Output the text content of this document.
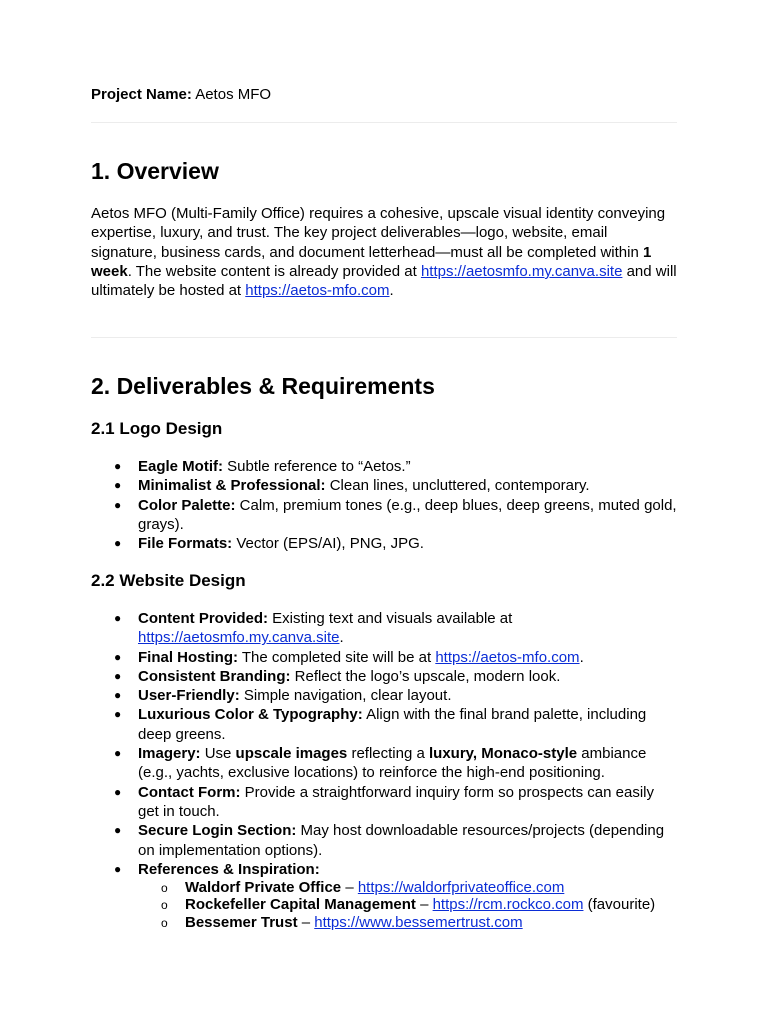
Project Name: Aetos MFO

1. Overview

Aetos MFO (Multi-Family Office) requires a cohesive, upscale visual identity conveying expertise, luxury, and trust. The key project deliverables—logo, website, email signature, business cards, and document letterhead—must all be completed within 1 week. The website content is already provided at https://aetosmfo.my.canva.site and will ultimately be hosted at https://aetos-mfo.com.

2. Deliverables & Requirements
2.1 Logo Design
● Eagle Motif: Subtle reference to “Aetos.”
● Minimalist & Professional: Clean lines, uncluttered, contemporary.
● Color Palette: Calm, premium tones (e.g., deep blues, deep greens, muted gold, grays).
● File Formats: Vector (EPS/AI), PNG, JPG.
2.2 Website Design
● Content Provided: Existing text and visuals available at https://aetosmfo.my.canva.site.
● Final Hosting: The completed site will be at https://aetos-mfo.com.
● Consistent Branding: Reflect the logo’s upscale, modern look.
● User-Friendly: Simple navigation, clear layout.
● Luxurious Color & Typography: Align with the final brand palette, including deep greens.
● Imagery: Use upscale images reflecting a luxury, Monaco-style ambiance (e.g., yachts, exclusive locations) to reinforce the high-end positioning.
● Contact Form: Provide a straightforward inquiry form so prospects can easily get in touch.
● Secure Login Section: May host downloadable resources/projects (depending on implementation options).
● References & Inspiration:
o Waldorf Private Office – https://waldorfprivateoffice.com
o Rockefeller Capital Management – https://rcm.rockco.com (favourite)
o Bessemer Trust – https://www.bessemertrust.com
